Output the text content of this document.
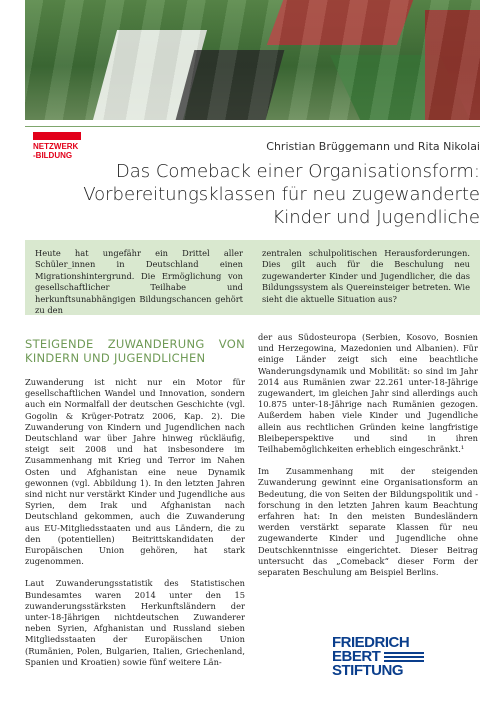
NETZWERK
-BILDUNG
Christian Brüggemann und Rita Nikolai
Das Comeback einer Organisationsform: Vorbereitungsklassen für neu zugewanderte Kinder und Jugendliche
Heute hat ungefähr ein Drittel aller Schüler_innen in Deutschland einen Migrationshintergrund. Die Ermöglichung von gesellschaftlicher Teilhabe und herkunftsunabhängigen Bildungschancen gehört zu den
zentralen schulpolitischen Herausforderungen. Dies gilt auch für die Beschulung neu zugewanderter Kinder und Jugendlicher, die das Bildungssystem als Quereinsteiger betreten. Wie sieht die aktuelle Situation aus?
STEIGENDE ZUWANDERUNG VON KINDERN UND JUGENDLICHEN

Zuwanderung ist nicht nur ein Motor für gesellschaftlichen Wandel und Innovation, sondern auch ein Normalfall der deutschen Geschichte (vgl. Gogolin & Krüger-Potratz 2006, Kap. 2). Die Zuwanderung von Kindern und Jugendlichen nach Deutschland war über Jahre hinweg rückläufig, steigt seit 2008 und hat insbesondere im Zusammenhang mit Krieg und Terror im Nahen Osten und Afghanistan eine neue Dynamik gewonnen (vgl. Abbildung 1). In den letzten Jahren sind nicht nur verstärkt Kinder und Jugendliche aus Syrien, dem Irak und Afghanistan nach Deutschland gekommen, auch die Zuwanderung aus EU-Mitgliedsstaaten und aus Ländern, die zu den (potentiellen) Beitrittskandidaten der Europäischen Union gehören, hat stark zugenommen.

Laut Zuwanderungsstatistik des Statistischen Bundesamtes waren 2014 unter den 15 zuwanderungsstärksten Herkunftsländern der unter-18-Jährigen nichtdeutschen Zuwanderer neben Syrien, Afghanistan und Russland sieben Mitgliedsstaaten der Europäischen Union (Rumänien, Polen, Bulgarien, Italien, Griechenland, Spanien und Kroatien) sowie fünf weitere Län-

der aus Südosteuropa (Serbien, Kosovo, Bosnien und Herzegowina, Mazedonien und Albanien). Für einige Länder zeigt sich eine beachtliche Wanderungsdynamik und Mobilität: so sind im Jahr 2014 aus Rumänien zwar 22.261 unter-18-Jährige zugewandert, im gleichen Jahr sind allerdings auch 10.875 unter-18-Jährige nach Rumänien gezogen. Außerdem haben viele Kinder und Jugendliche allein aus rechtlichen Gründen keine langfristige Bleibeperspektive und sind in ihren Teilhabemöglichkeiten erheblich eingeschränkt.¹

Im Zusammenhang mit der steigenden Zuwanderung gewinnt eine Organisationsform an Bedeutung, die von Seiten der Bildungspolitik und -forschung in den letzten Jahren kaum Beachtung erfahren hat: In den meisten Bundesländern werden verstärkt separate Klassen für neu zugewanderte Kinder und Jugendliche ohne Deutschkenntnisse eingerichtet. Dieser Beitrag untersucht das „Comeback“ dieser Form der separaten Beschulung am Beispiel Berlins.

FRIEDRICH
EBERT
STIFTUNG
